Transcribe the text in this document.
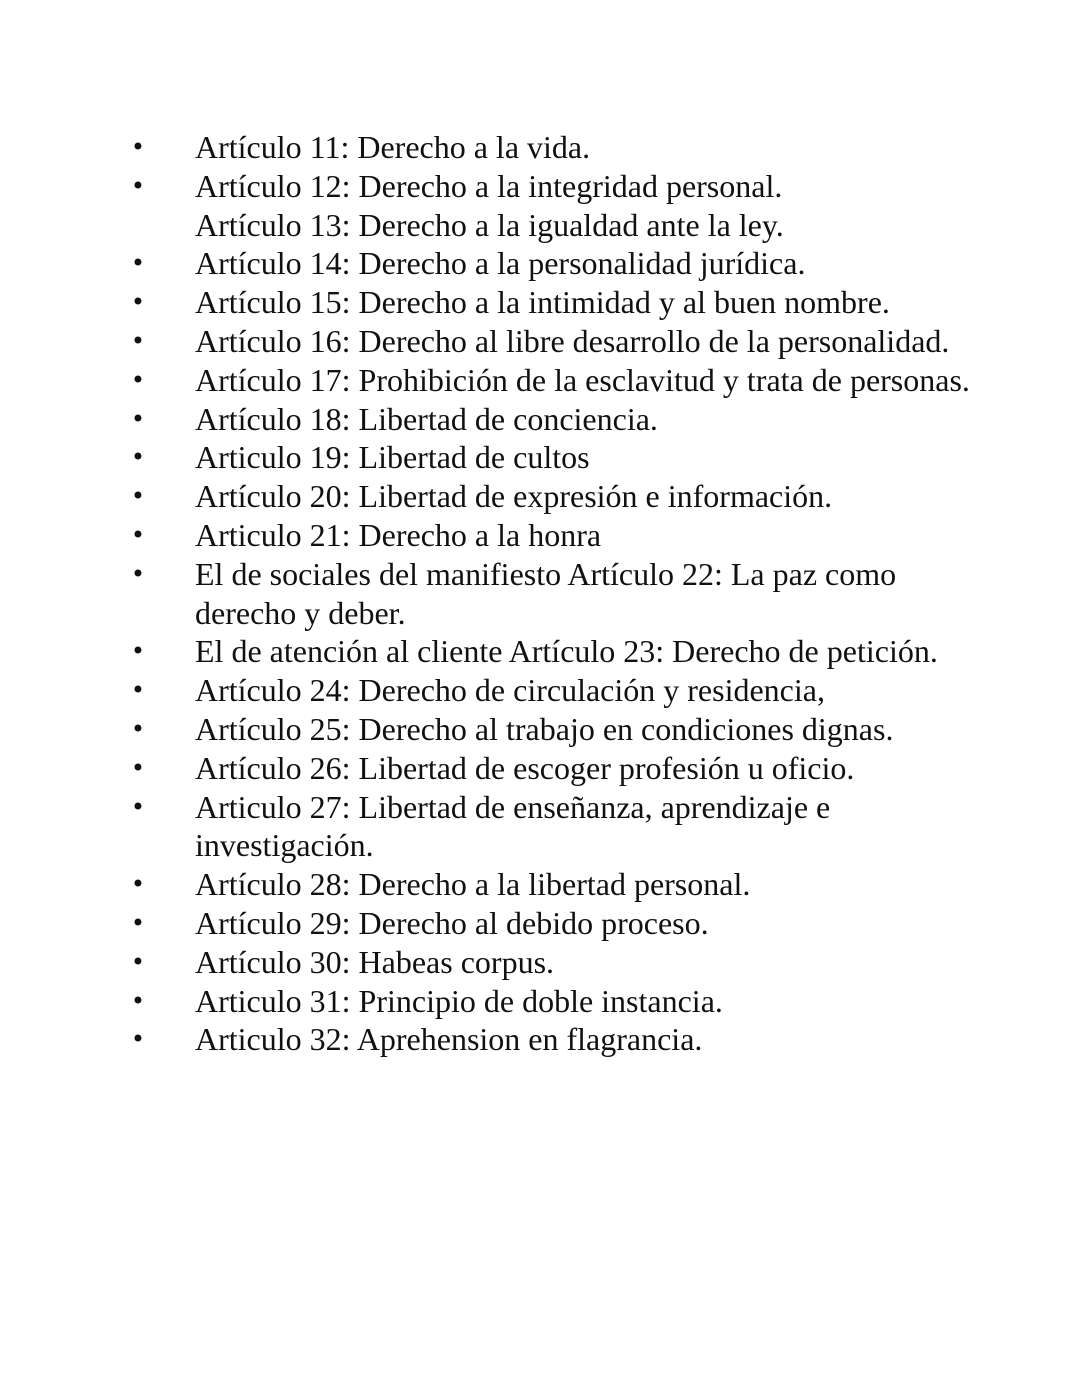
• Artículo 11: Derecho a la vida.
• Artículo 12: Derecho a la integridad personal.
Artículo 13: Derecho a la igualdad ante la ley.
• Artículo 14: Derecho a la personalidad jurídica.
• Artículo 15: Derecho a la intimidad y al buen nombre.
• Artículo 16: Derecho al libre desarrollo de la personalidad.
• Artículo 17: Prohibición de la esclavitud y trata de personas.
• Artículo 18: Libertad de conciencia.
• Articulo 19: Libertad de cultos
• Artículo 20: Libertad de expresión e información.
• Articulo 21: Derecho a la honra
• El de sociales del manifiesto Artículo 22: La paz como derecho y deber.
• El de atención al cliente Artículo 23: Derecho de petición.
• Artículo 24: Derecho de circulación y residencia,
• Artículo 25: Derecho al trabajo en condiciones dignas.
• Artículo 26: Libertad de escoger profesión u oficio.
• Articulo 27: Libertad de enseñanza, aprendizaje e investigación.
• Artículo 28: Derecho a la libertad personal.
• Artículo 29: Derecho al debido proceso.
• Artículo 30: Habeas corpus.
• Articulo 31: Principio de doble instancia.
• Articulo 32: Aprehension en flagrancia.
